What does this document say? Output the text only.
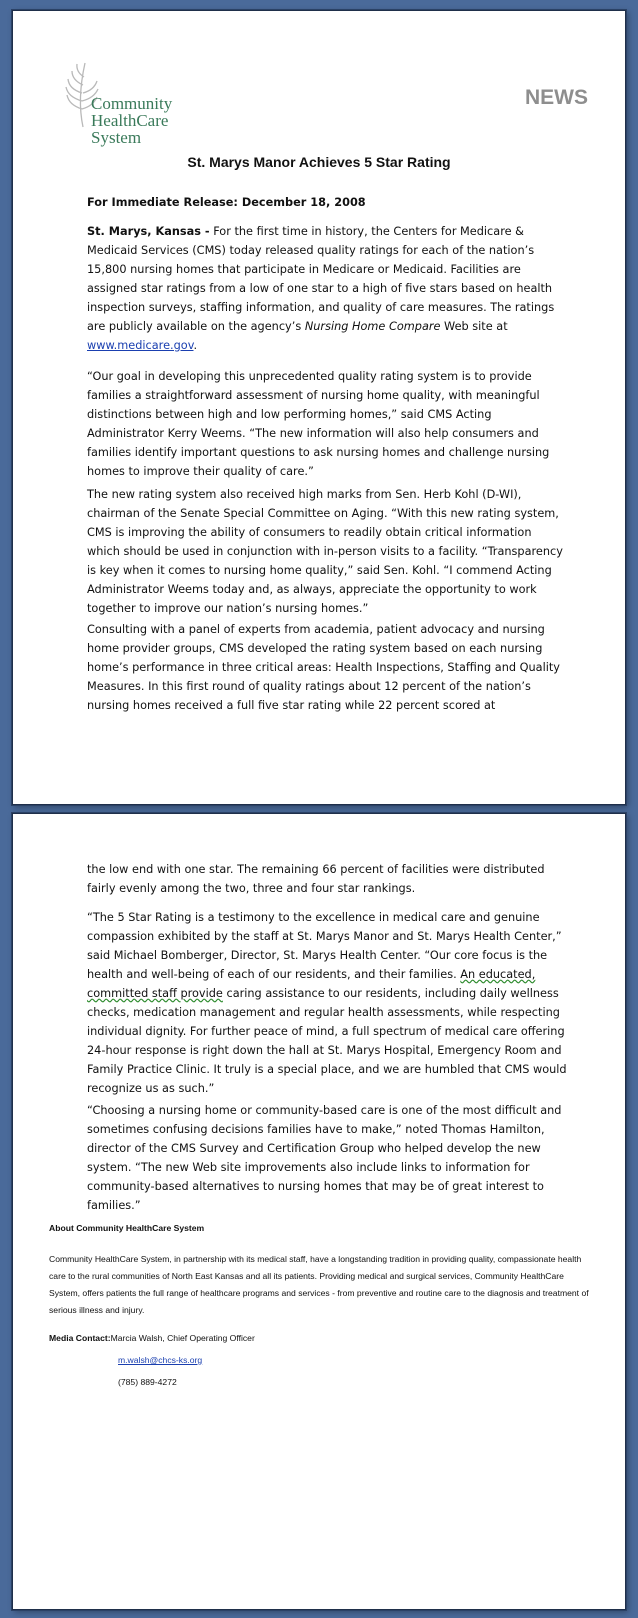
Community
HealthCare
System
NEWS
St. Marys Manor Achieves 5 Star Rating
For Immediate Release: December 18, 2008

St. Marys, Kansas - For the first time in history, the Centers for Medicare & Medicaid Services (CMS) today released quality ratings for each of the nation’s 15,800 nursing homes that participate in Medicare or Medicaid. Facilities are assigned star ratings from a low of one star to a high of five stars based on health inspection surveys, staffing information, and quality of care measures. The ratings are publicly available on the agency’s Nursing Home Compare Web site at www.medicare.gov.

“Our goal in developing this unprecedented quality rating system is to provide families a straightforward assessment of nursing home quality, with meaningful distinctions between high and low performing homes,” said CMS Acting Administrator Kerry Weems. “The new information will also help consumers and families identify important questions to ask nursing homes and challenge nursing homes to improve their quality of care.”
The new rating system also received high marks from Sen. Herb Kohl (D-WI), chairman of the Senate Special Committee on Aging. “With this new rating system, CMS is improving the ability of consumers to readily obtain critical information which should be used in conjunction with in-person visits to a facility. “Transparency is key when it comes to nursing home quality,” said Sen. Kohl. “I commend Acting Administrator Weems today and, as always, appreciate the opportunity to work together to improve our nation’s nursing homes.”
Consulting with a panel of experts from academia, patient advocacy and nursing home provider groups, CMS developed the rating system based on each nursing home’s performance in three critical areas: Health Inspections, Staffing and Quality Measures. In this first round of quality ratings about 12 percent of the nation’s nursing homes received a full five star rating while 22 percent scored at
the low end with one star. The remaining 66 percent of facilities were distributed fairly evenly among the two, three and four star rankings.

“The 5 Star Rating is a testimony to the excellence in medical care and genuine compassion exhibited by the staff at St. Marys Manor and St. Marys Health Center,” said Michael Bomberger, Director, St. Marys Health Center. “Our core focus is the health and well-being of each of our residents, and their families. An educated, committed staff provide caring assistance to our residents, including daily wellness checks, medication management and regular health assessments, while respecting individual dignity. For further peace of mind, a full spectrum of medical care offering 24-hour response is right down the hall at St. Marys Hospital, Emergency Room and Family Practice Clinic. It truly is a special place, and we are humbled that CMS would recognize us as such.”

“Choosing a nursing home or community-based care is one of the most difficult and sometimes confusing decisions families have to make,” noted Thomas Hamilton, director of the CMS Survey and Certification Group who helped develop the new system. “The new Web site improvements also include links to information for community-based alternatives to nursing homes that may be of great interest to families.”
About Community HealthCare System
Community HealthCare System, in partnership with its medical staff, have a longstanding tradition in providing quality, compassionate health care to the rural communities of North East Kansas and all its patients. Providing medical and surgical services, Community HealthCare System, offers patients the full range of healthcare programs and services - from preventive and routine care to the diagnosis and treatment of serious illness and injury.
Media Contact:Marcia Walsh, Chief Operating Officer
m.walsh@chcs-ks.org
(785) 889-4272
